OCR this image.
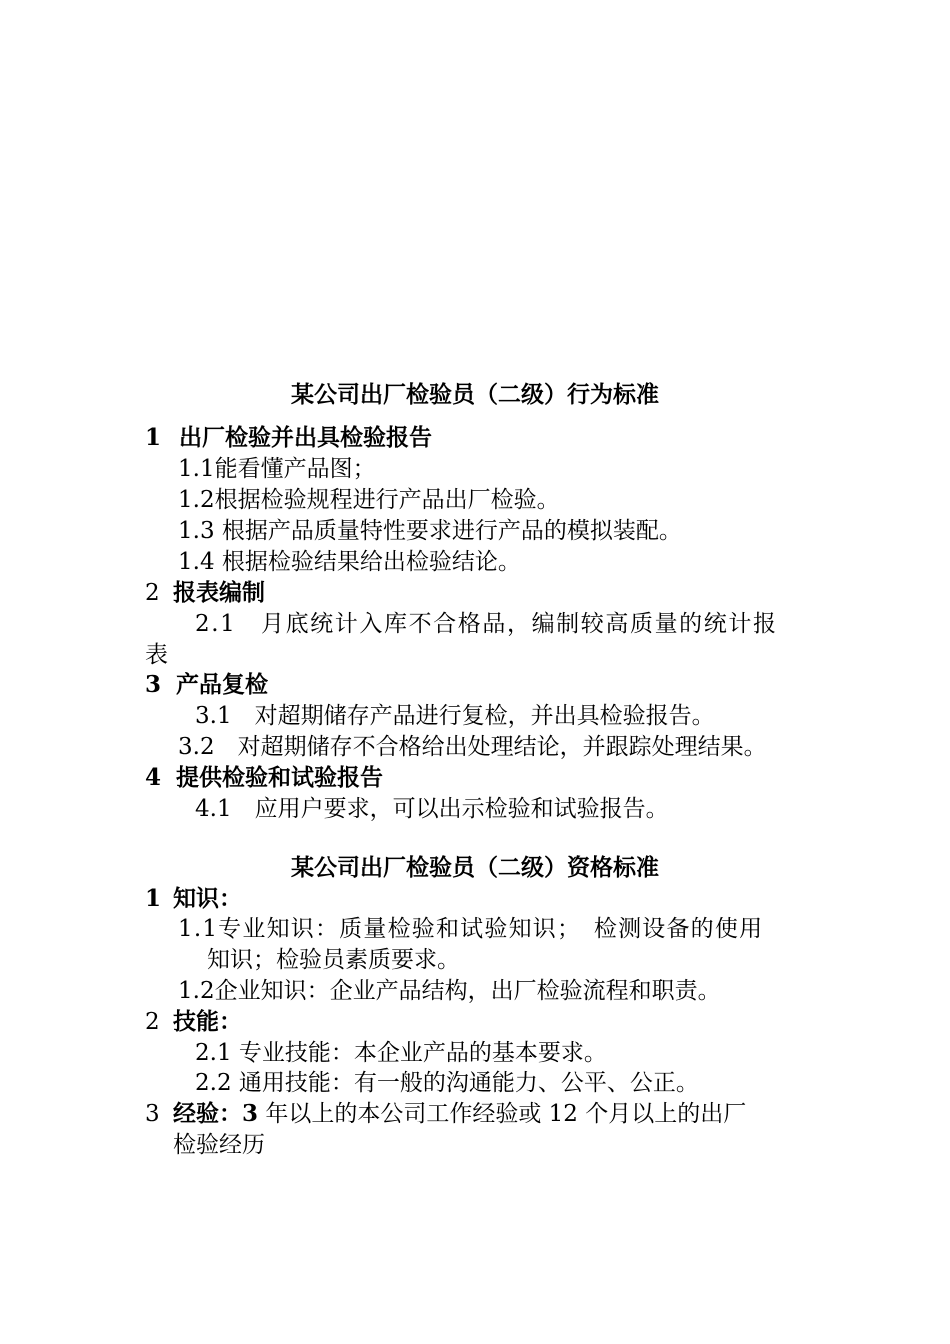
某公司出厂检验员（二级）行为标准
1 出厂检验并出具检验报告
1.1能看懂产品图；
1.2根据检验规程进行产品出厂检验。
1.3 根据产品质量特性要求进行产品的模拟装配。
1.4 根据检验结果给出检验结论。
2 报表编制
2.1　月底统计入库不合格品，编制较高质量的统计报
表
3 产品复检
3.1　对超期储存产品进行复检，并出具检验报告。
3.2　对超期储存不合格给出处理结论，并跟踪处理结果。
4 提供检验和试验报告
4.1　应用户要求，可以出示检验和试验报告。
某公司出厂检验员（二级）资格标准
1 知识：
1.1专业知识：质量检验和试验知识；　检测设备的使用
知识；检验员素质要求。
1.2企业知识：企业产品结构，出厂检验流程和职责。
2 技能：
2.1 专业技能：本企业产品的基本要求。
2.2 通用技能：有一般的沟通能力、公平、公正。
3 经验：3 年以上的本公司工作经验或 12 个月以上的出厂
检验经历
